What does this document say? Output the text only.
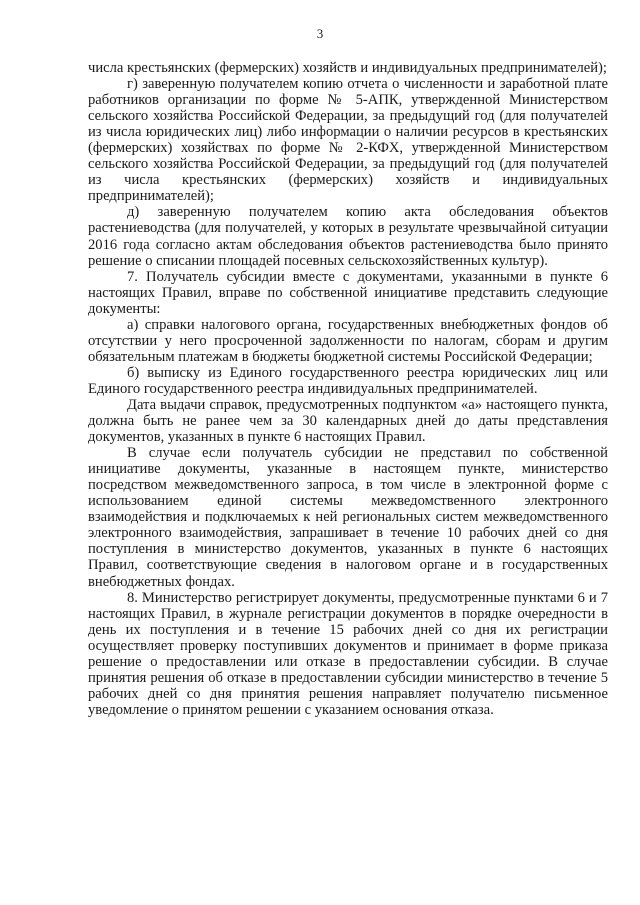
3

числа крестьянских (фермерских) хозяйств и индивидуальных предпринимателей);

г) заверенную получателем копию отчета о численности и заработной плате работников организации по форме № 5-АПК, утвержденной Министерством сельского хозяйства Российской Федерации, за предыдущий год (для получателей из числа юридических лиц) либо информации о наличии ресурсов в крестьянских (фермерских) хозяйствах по форме № 2-КФХ, утвержденной Министерством сельского хозяйства Российской Федерации, за предыдущий год (для получателей из числа крестьянских (фермерских) хозяйств и индивидуальных предпринимателей);

д) заверенную получателем копию акта обследования объектов растениеводства (для получателей, у которых в результате чрезвычайной ситуации 2016 года согласно актам обследования объектов растениеводства было принято решение о списании площадей посевных сельскохозяйственных культур).

7. Получатель субсидии вместе с документами, указанными в пункте 6 настоящих Правил, вправе по собственной инициативе представить следующие документы:

а) справки налогового органа, государственных внебюджетных фондов об отсутствии у него просроченной задолженности по налогам, сборам и другим обязательным платежам в бюджеты бюджетной системы Российской Федерации;

б) выписку из Единого государственного реестра юридических лиц или Единого государственного реестра индивидуальных предпринимателей.

Дата выдачи справок, предусмотренных подпунктом «а» настоящего пункта, должна быть не ранее чем за 30 календарных дней до даты представления документов, указанных в пункте 6 настоящих Правил.

В случае если получатель субсидии не представил по собственной инициативе документы, указанные в настоящем пункте, министерство посредством межведомственного запроса, в том числе в электронной форме с использованием единой системы межведомственного электронного взаимодействия и подключаемых к ней региональных систем межведомственного электронного взаимодействия, запрашивает в течение 10 рабочих дней со дня поступления в министерство документов, указанных в пункте 6 настоящих Правил, соответствующие сведения в налоговом органе и в государственных внебюджетных фондах.

8. Министерство регистрирует документы, предусмотренные пунктами 6 и 7 настоящих Правил, в журнале регистрации документов в порядке очередности в день их поступления и в течение 15 рабочих дней со дня их регистрации осуществляет проверку поступивших документов и принимает в форме приказа решение о предоставлении или отказе в предоставлении субсидии. В случае принятия решения об отказе в предоставлении субсидии министерство в течение 5 рабочих дней со дня принятия решения направляет получателю письменное уведомление о принятом решении с указанием основания отказа.
